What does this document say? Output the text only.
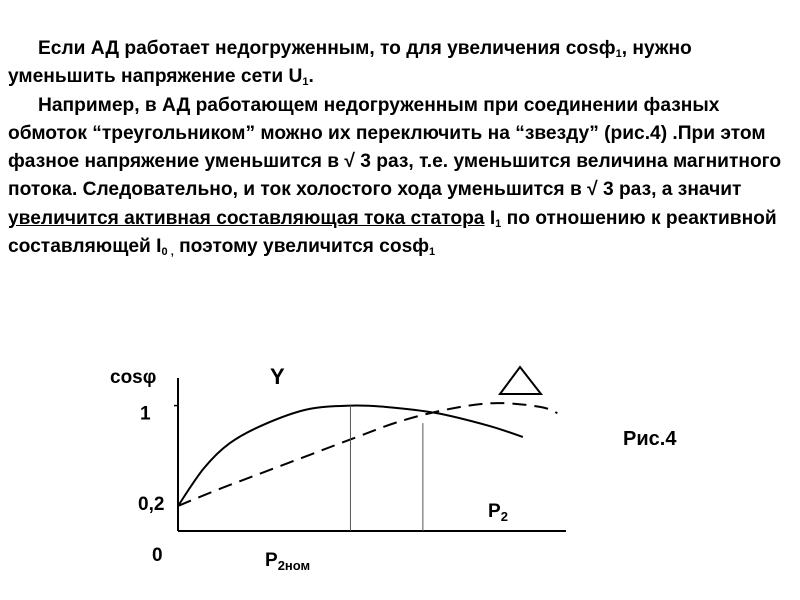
Если АД работает недогруженным, то для увеличения cosф$_1$, нужно уменьшить напряжение сети $U_1$.

Например, в АД работающем недогруженным при соединении фазных обмоток “треугольником” можно их переключить на “звезду” (рис.4) .При этом фазное напряжение уменьшится в √ 3 раз, т.е. уменьшится величина магнитного потока. Следовательно, и ток холостого хода уменьшится в √ 3 раз, а значит увеличится активная составляющая тока статора $I_1$ по отношению к реактивной составляющей $I_{0 ,}$ поэтому увеличится cosф$_1$

1
0,2
0
cosφ
$P_2$
$P_{2ном}$
Y
Рис.4
